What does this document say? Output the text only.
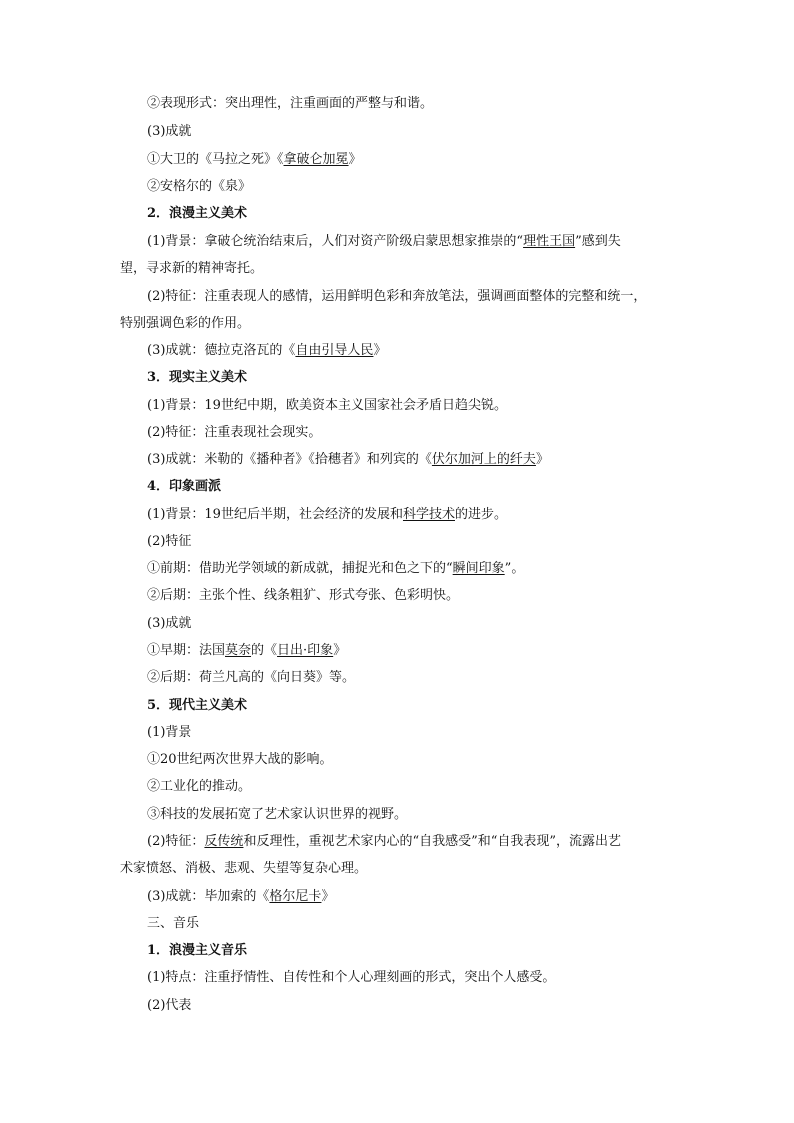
②表现形式：突出理性，注重画面的严整与和谐。
(3)成就
①大卫的《马拉之死》《拿破仑加冕》
②安格尔的《泉》
2．浪漫主义美术
(1)背景：拿破仑统治结束后，人们对资产阶级启蒙思想家推崇的“理性王国”感到失
望，寻求新的精神寄托。
(2)特征：注重表现人的感情，运用鲜明色彩和奔放笔法，强调画面整体的完整和统一，
特别强调色彩的作用。
(3)成就：德拉克洛瓦的《自由引导人民》
3．现实主义美术
(1)背景：19世纪中期，欧美资本主义国家社会矛盾日趋尖锐。
(2)特征：注重表现社会现实。
(3)成就：米勒的《播种者》《拾穗者》和列宾的《伏尔加河上的纤夫》
4．印象画派
(1)背景：19世纪后半期，社会经济的发展和科学技术的进步。
(2)特征
①前期：借助光学领域的新成就，捕捉光和色之下的“瞬间印象”。
②后期：主张个性、线条粗犷、形式夸张、色彩明快。
(3)成就
①早期：法国莫奈的《日出·印象》
②后期：荷兰凡高的《向日葵》等。
5．现代主义美术
(1)背景
①20世纪两次世界大战的影响。
②工业化的推动。
③科技的发展拓宽了艺术家认识世界的视野。
(2)特征：反传统和反理性，重视艺术家内心的“自我感受”和“自我表现”，流露出艺
术家愤怒、消极、悲观、失望等复杂心理。
(3)成就：毕加索的《格尔尼卡》
三、音乐
1．浪漫主义音乐
(1)特点：注重抒情性、自传性和个人心理刻画的形式，突出个人感受。
(2)代表
